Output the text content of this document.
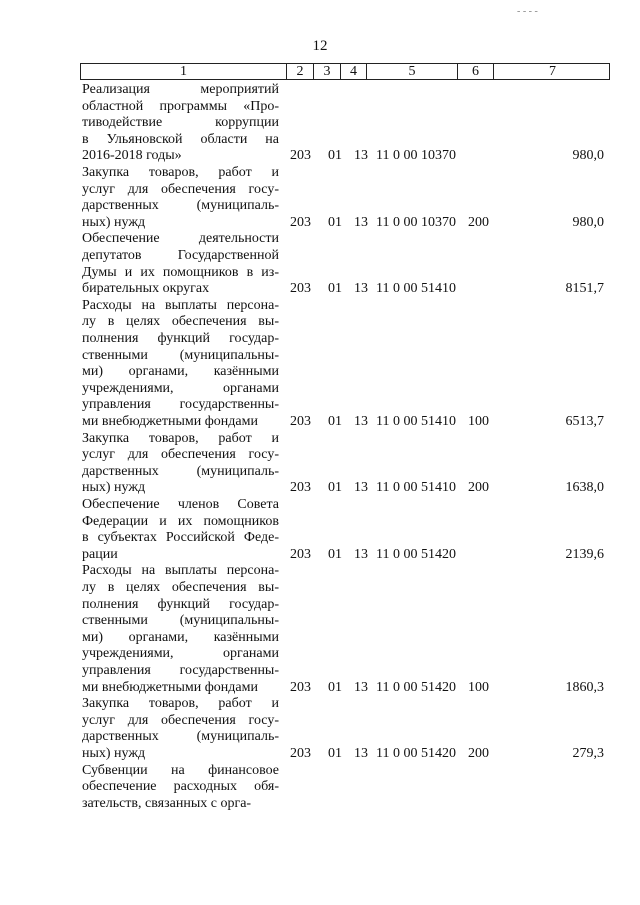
12
1	2	3	4	5	6	7
Реализация мероприятий
областной программы «Про-
тиводействие коррупции
в Ульяновской области на
2016-2018 годы»	203 01 13 11 0 00 10370	980,0
Закупка товаров, работ и
услуг для обеспечения госу-
дарственных (муниципаль-
ных) нужд	203 01 13 11 0 00 10370 200	980,0
Обеспечение деятельности
депутатов Государственной
Думы и их помощников в из-
бирательных округах	203 01 13 11 0 00 51410	8151,7
Расходы на выплаты персона-
лу в целях обеспечения вы-
полнения функций государ-
ственными (муниципальны-
ми) органами, казёнными
учреждениями, органами
управления государственны-
ми внебюджетными фондами	203 01 13 11 0 00 51410 100	6513,7
Закупка товаров, работ и
услуг для обеспечения госу-
дарственных (муниципаль-
ных) нужд	203 01 13 11 0 00 51410 200	1638,0
Обеспечение членов Совета
Федерации и их помощников
в субъектах Российской Феде-
рации	203 01 13 11 0 00 51420	2139,6
Расходы на выплаты персона-
лу в целях обеспечения вы-
полнения функций государ-
ственными (муниципальны-
ми) органами, казёнными
учреждениями, органами
управления государственны-
ми внебюджетными фондами	203 01 13 11 0 00 51420 100	1860,3
Закупка товаров, работ и
услуг для обеспечения госу-
дарственных (муниципаль-
ных) нужд	203 01 13 11 0 00 51420 200	279,3
Субвенции на финансовое
обеспечение расходных обя-
зательств, связанных с орга-
- - - -
